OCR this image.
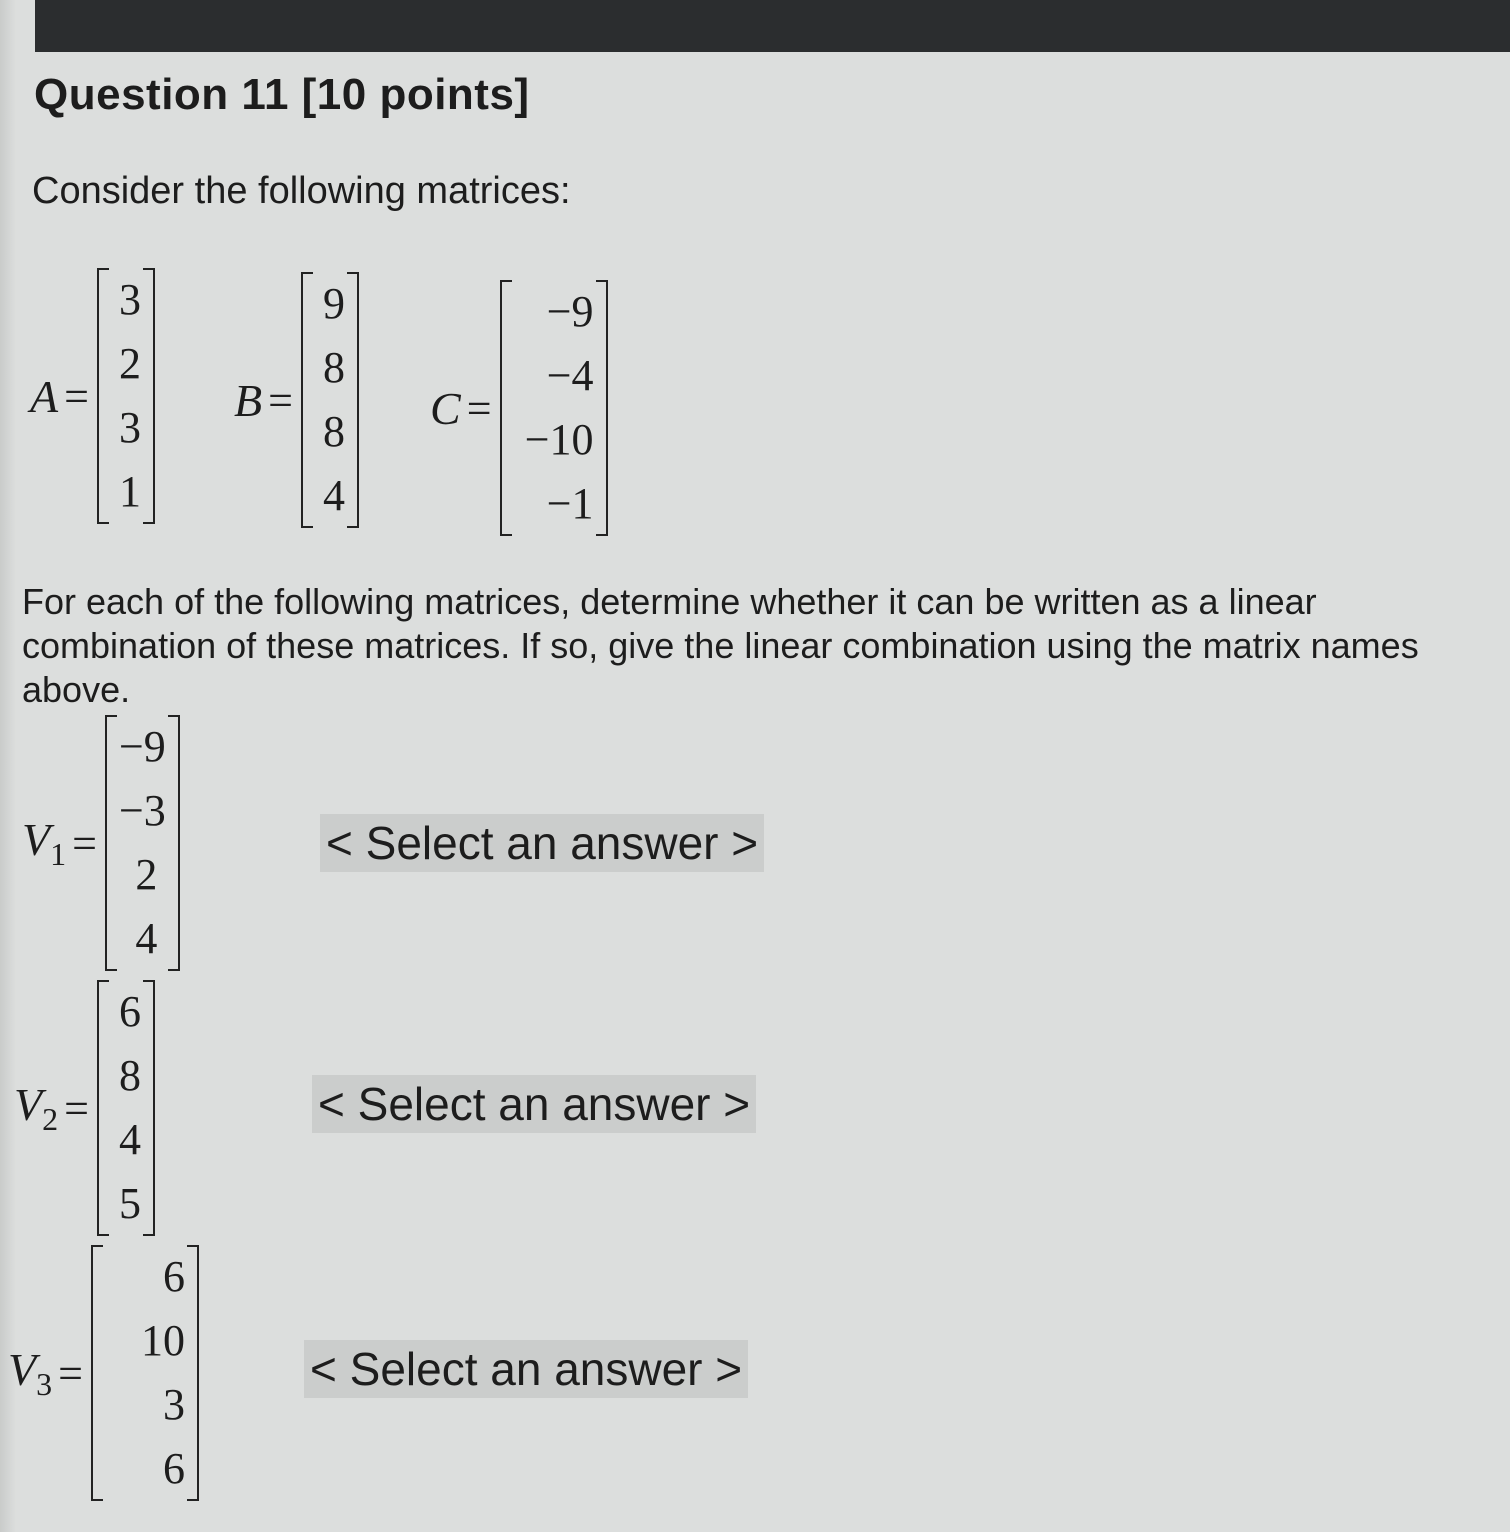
Question 11 [10 points]
Consider the following matrices:
A =
3
2
3
1
B =
9
8
8
4
C =
−9
−4
−10
−1
For each of the following matrices, determine whether it can be written as a linear combination of these matrices. If so, give the linear combination using the matrix names above.
$V_1$ =
−9
−3
2
4
< Select an answer >
$V_2$ =
6
8
4
5
< Select an answer >
$V_3$ =
6
10
3
6
< Select an answer >
